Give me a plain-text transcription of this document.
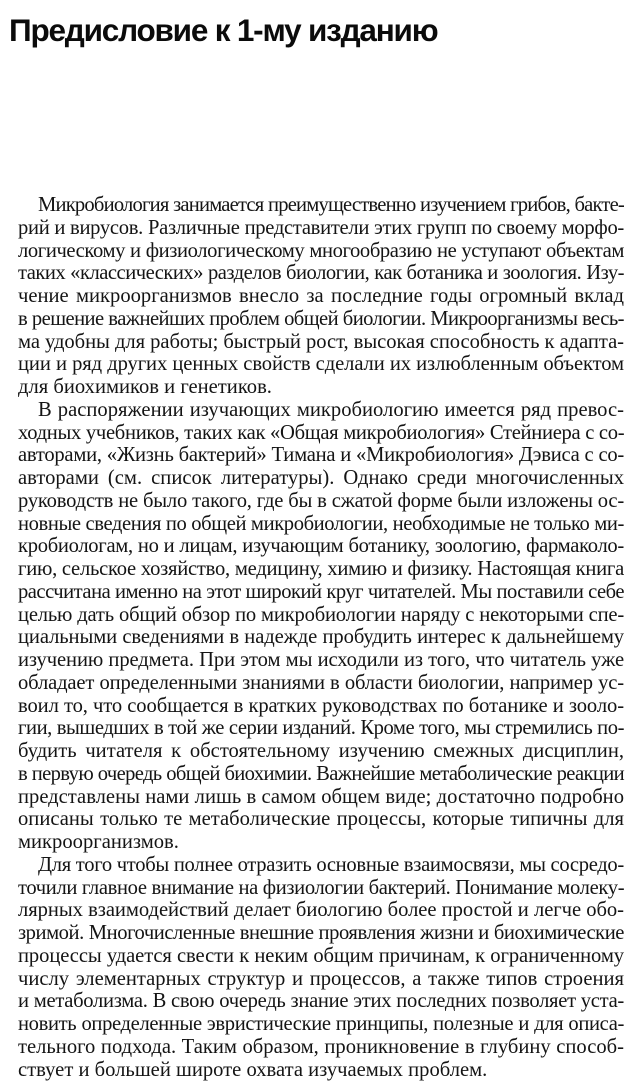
Предисловие к 1-му изданию
Микробиология занимается преимущественно изучением грибов, бакте-
рий и вирусов. Различные представители этих групп по своему морфо-
логическому и физиологическому многообразию не уступают объектам
таких «классических» разделов биологии, как ботаника и зоология. Изу-
чение микроорганизмов внесло за последние годы огромный вклад
в решение важнейших проблем общей биологии. Микроорганизмы весь-
ма удобны для работы; быстрый рост, высокая способность к адапта-
ции и ряд других ценных свойств сделали их излюбленным объектом
для биохимиков и генетиков.
В распоряжении изучающих микробиологию имеется ряд превос-
ходных учебников, таких как «Общая микробиология» Стейниера с со-
авторами, «Жизнь бактерий» Тимана и «Микробиология» Дэвиса с со-
авторами (см. список литературы). Однако среди многочисленных
руководств не было такого, где бы в сжатой форме были изложены ос-
новные сведения по общей микробиологии, необходимые не только ми-
кробиологам, но и лицам, изучающим ботанику, зоологию, фармаколо-
гию, сельское хозяйство, медицину, химию и физику. Настоящая книга
рассчитана именно на этот широкий круг читателей. Мы поставили себе
целью дать общий обзор по микробиологии наряду с некоторыми спе-
циальными сведениями в надежде пробудить интерес к дальнейшему
изучению предмета. При этом мы исходили из того, что читатель уже
обладает определенными знаниями в области биологии, например ус-
воил то, что сообщается в кратких руководствах по ботанике и зооло-
гии, вышедших в той же серии изданий. Кроме того, мы стремились по-
будить читателя к обстоятельному изучению смежных дисциплин,
в первую очередь общей биохимии. Важнейшие метаболические реакции
представлены нами лишь в самом общем виде; достаточно подробно
описаны только те метаболические процессы, которые типичны для
микроорганизмов.
Для того чтобы полнее отразить основные взаимосвязи, мы сосредо-
точили главное внимание на физиологии бактерий. Понимание молеку-
лярных взаимодействий делает биологию более простой и легче обо-
зримой. Многочисленные внешние проявления жизни и биохимические
процессы удается свести к неким общим причинам, к ограниченному
числу элементарных структур и процессов, а также типов строения
и метаболизма. В свою очередь знание этих последних позволяет уста-
новить определенные эвристические принципы, полезные и для описа-
тельного подхода. Таким образом, проникновение в глубину способ-
ствует и большей широте охвата изучаемых проблем.
